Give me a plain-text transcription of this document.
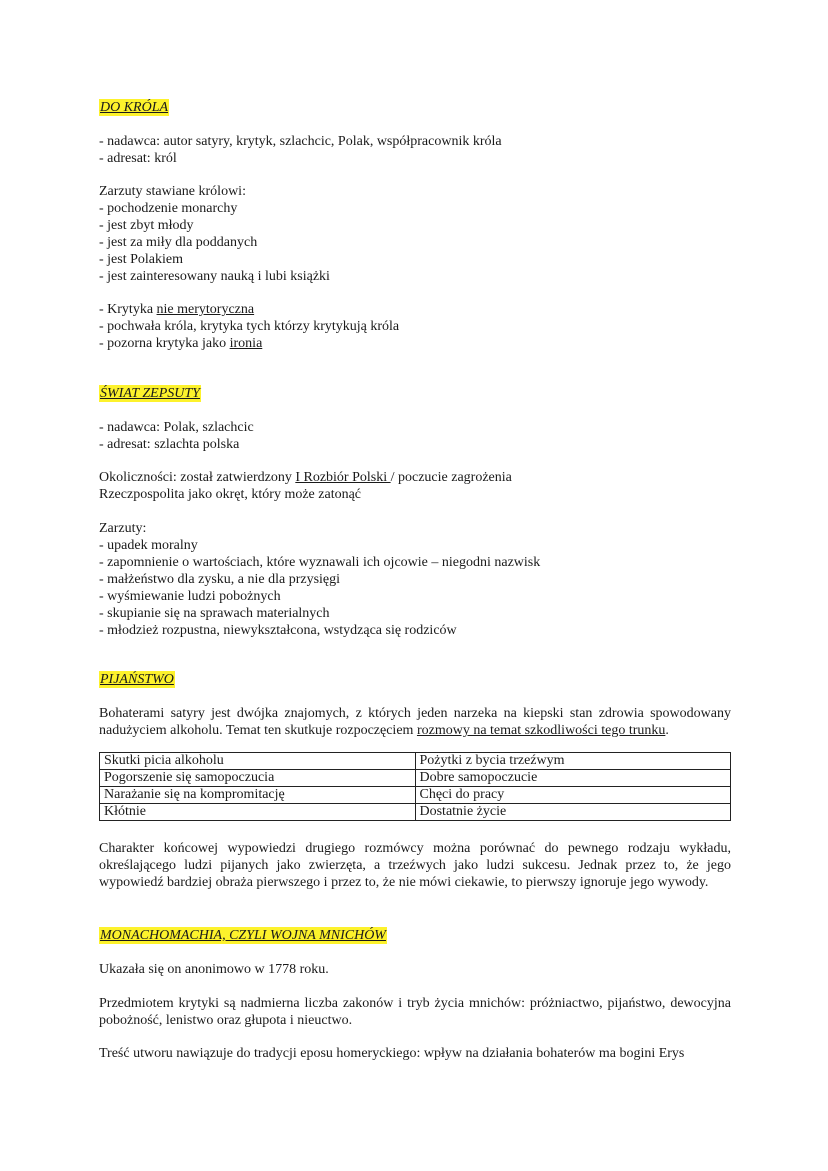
DO KRÓLA
- nadawca: autor satyry, krytyk, szlachcic, Polak, współpracownik króla
- adresat: król
Zarzuty stawiane królowi:
- pochodzenie monarchy
- jest zbyt młody
- jest za miły dla poddanych
- jest Polakiem
- jest zainteresowany nauką i lubi książki
- Krytyka nie merytoryczna
- pochwała króla, krytyka tych którzy krytykują króla
- pozorna krytyka jako ironia
ŚWIAT ZEPSUTY
- nadawca: Polak, szlachcic
- adresat: szlachta polska
Okoliczności: został zatwierdzony I Rozbiór Polski / poczucie zagrożenia
Rzeczpospolita jako okręt, który może zatonąć
Zarzuty:
- upadek moralny
- zapomnienie o wartościach, które wyznawali ich ojcowie – niegodni nazwisk
- małżeństwo dla zysku, a nie dla przysięgi
- wyśmiewanie ludzi pobożnych
- skupianie się na sprawach materialnych
- młodzież rozpustna, niewykształcona, wstydząca się rodziców
PIJAŃSTWO
Bohaterami satyry jest dwójka znajomych, z których jeden narzeka na kiepski stan zdrowia spowodowany nadużyciem alkoholu. Temat ten skutkuje rozpoczęciem rozmowy na temat szkodliwości tego trunku.
Skutki picia alkoholu	Pożytki z bycia trzeźwym
Pogorszenie się samopoczucia	Dobre samopoczucie
Narażanie się na kompromitację	Chęci do pracy
Kłótnie	Dostatnie życie
Charakter końcowej wypowiedzi drugiego rozmówcy można porównać do pewnego rodzaju wykładu, określającego ludzi pijanych jako zwierzęta, a trzeźwych jako ludzi sukcesu. Jednak przez to, że jego wypowiedź bardziej obraża pierwszego i przez to, że nie mówi ciekawie, to pierwszy ignoruje jego wywody.
MONACHOMACHIA, CZYLI WOJNA MNICHÓW
Ukazała się on anonimowo w 1778 roku.
Przedmiotem krytyki są nadmierna liczba zakonów i tryb życia mnichów: próżniactwo, pijaństwo, dewocyjna pobożność, lenistwo oraz głupota i nieuctwo.
Treść utworu nawiązuje do tradycji eposu homeryckiego: wpływ na działania bohaterów ma bogini Erys
